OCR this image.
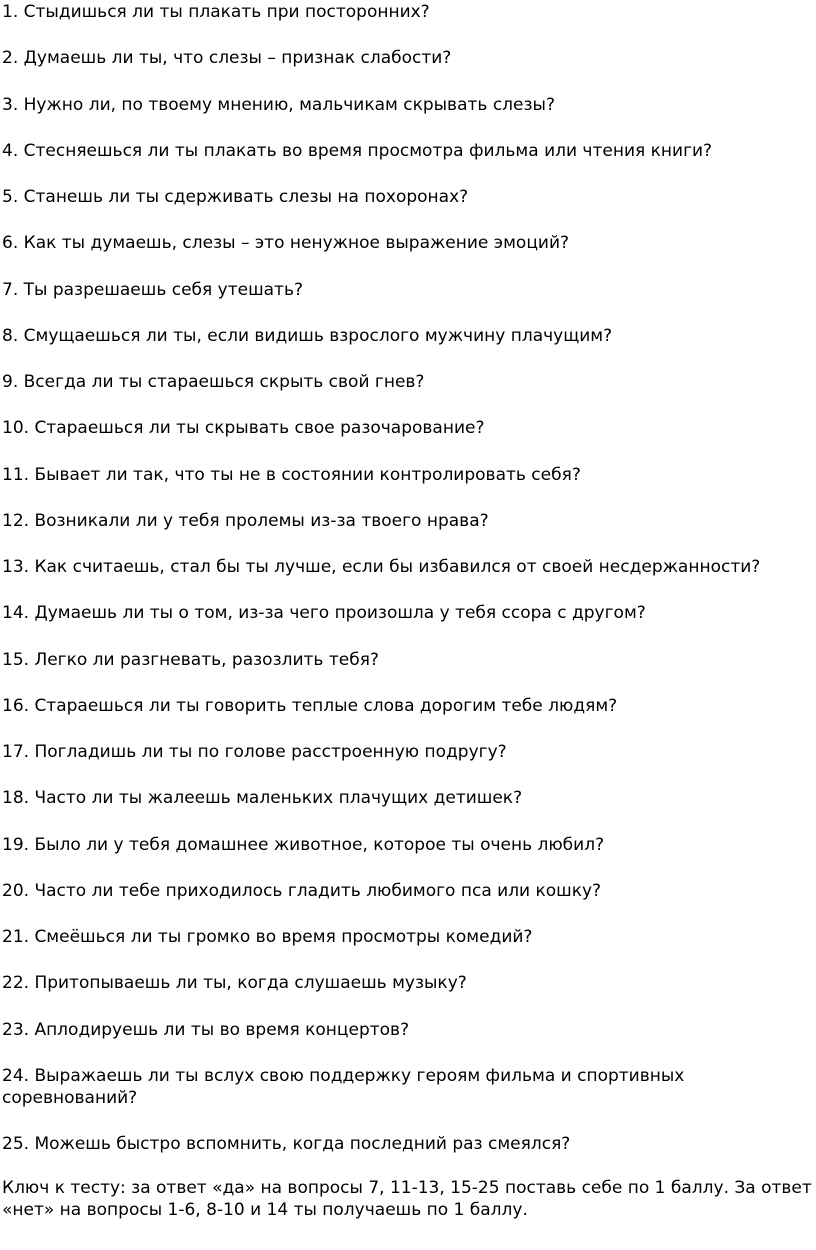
1. Стыдишься ли ты плакать при посторонних?

2. Думаешь ли ты, что слезы – признак слабости?

3. Нужно ли, по твоему мнению, мальчикам скрывать слезы?

4. Стесняешься ли ты плакать во время просмотра фильма или чтения книги?

5. Станешь ли ты сдерживать слезы на похоронах?

6. Как ты думаешь, слезы – это ненужное выражение эмоций?

7. Ты разрешаешь себя утешать?

8. Смущаешься ли ты, если видишь взрослого мужчину плачущим?

9. Всегда ли ты стараешься скрыть свой гнев?

10. Стараешься ли ты скрывать свое разочарование?

11. Бывает ли так, что ты не в состоянии контролировать себя?

12. Возникали ли у тебя пролемы из-за твоего нрава?

13. Как считаешь, стал бы ты лучше, если бы избавился от своей несдержанности?

14. Думаешь ли ты о том, из-за чего произошла у тебя ссора с другом?

15. Легко ли разгневать, разозлить тебя?

16. Стараешься ли ты говорить теплые слова дорогим тебе людям?

17. Погладишь ли ты по голове расстроенную подругу?

18. Часто ли ты жалеешь маленьких плачущих детишек?

19. Было ли у тебя домашнее животное, которое ты очень любил?

20. Часто ли тебе приходилось гладить любимого пса или кошку?

21. Смеёшься ли ты громко во время просмотры комедий?

22. Притопываешь ли ты, когда слушаешь музыку?

23. Аплодируешь ли ты во время концертов?

24. Выражаешь ли ты вслух свою поддержку героям фильма и спортивных соревнований?

25. Можешь быстро вспомнить, когда последний раз смеялся?

Ключ к тесту: за ответ «да» на вопросы 7, 11-13, 15-25 поставь себе по 1 баллу. За ответ «нет» на вопросы 1-6, 8-10 и 14 ты получаешь по 1 баллу.
